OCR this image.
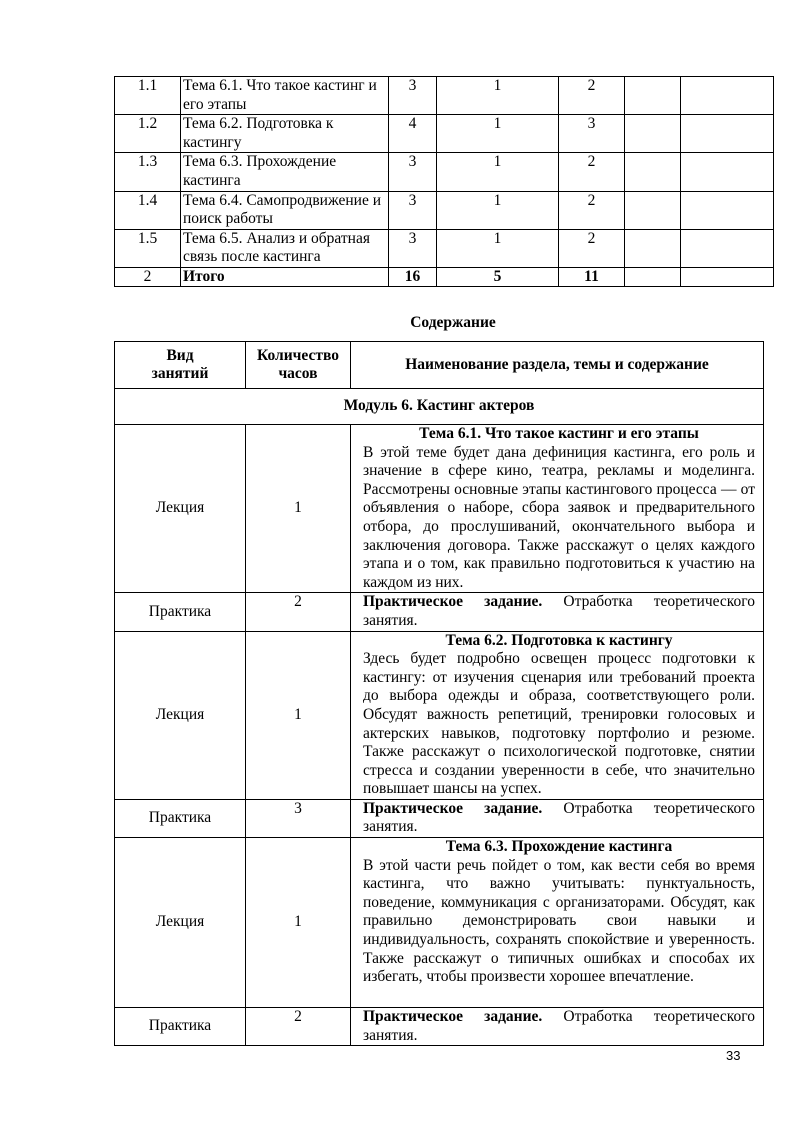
1.1	Тема 6.1. Что такое кастинг и его этапы	3	1	2		
1.2	Тема 6.2. Подготовка к кастингу	4	1	3		
1.3	Тема 6.3. Прохождение кастинга	3	1	2		
1.4	Тема 6.4. Самопродвижение и поиск работы	3	1	2		
1.5	Тема 6.5. Анализ и обратная связь после кастинга	3	1	2		
2	Итого	16	5	11		
Содержание
Вид занятий	Количество часов	Наименование раздела, темы и содержание
Модуль 6. Кастинг актеров		
Лекция	1	Тема 6.1. Что такое кастинг и его этапы
В этой теме будет дана дефиниция кастинга, его роль и значение в сфере кино, театра, рекламы и моделинга. Рассмотрены основные этапы кастингового процесса — от объявления о наборе, сбора заявок и предварительного отбора, до прослушиваний, окончательного выбора и заключения договора. Также расскажут о целях каждого этапа и о том, как правильно подготовиться к участию на каждом из них.

Практика	2	Практическое задание. Отработка теоретического занятия.
Лекция	1	Тема 6.2. Подготовка к кастингу
Здесь будет подробно освещен процесс подготовки к кастингу: от изучения сценария или требований проекта до выбора одежды и образа, соответствующего роли. Обсудят важность репетиций, тренировки голосовых и актерских навыков, подготовку портфолио и резюме. Также расскажут о психологической подготовке, снятии стресса и создании уверенности в себе, что значительно повышает шансы на успех.

Практика	3	Практическое задание. Отработка теоретического занятия.
Лекция	1	Тема 6.3. Прохождение кастинга
В этой части речь пойдет о том, как вести себя во время кастинга, что важно учитывать: пунктуальность, поведение, коммуникация с организаторами. Обсудят, как правильно демонстрировать свои навыки и индивидуальность, сохранять спокойствие и уверенность. Также расскажут о типичных ошибках и способах их избегать, чтобы произвести хорошее впечатление.

Практика	2	Практическое задание. Отработка теоретического занятия.
33
